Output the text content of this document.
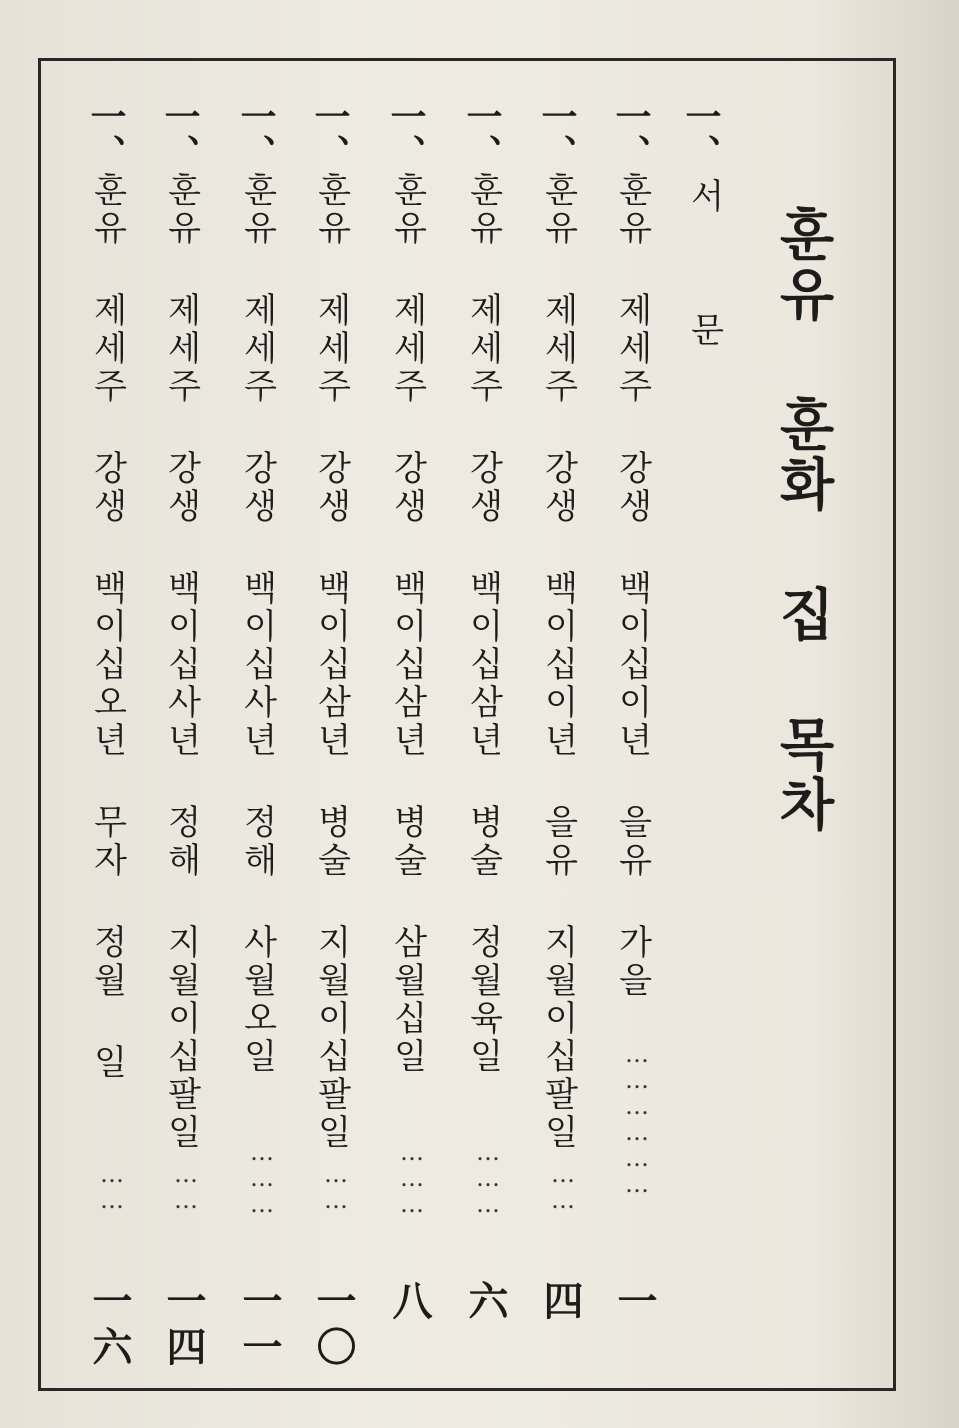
훈유 훈화 집 목차
一、
서 문
一、
훈유 제세주 강생 백이십이년 을유 가을
………………
一
一、
훈유 제세주 강생 백이십이년 을유 지월이십팔일
……
四
一、
훈유 제세주 강생 백이십삼년 병술 정월육일
………
六
一、
훈유 제세주 강생 백이십삼년 병술 삼월십일
………
八
一、
훈유 제세주 강생 백이십삼년 병술 지월이십팔일
……
一〇
一、
훈유 제세주 강생 백이십사년 정해 사월오일
………
一一
一、
훈유 제세주 강생 백이십사년 정해 지월이십팔일
……
一四
一、
훈유 제세주 강생 백이십오년 무자 정월 일
……
一六
